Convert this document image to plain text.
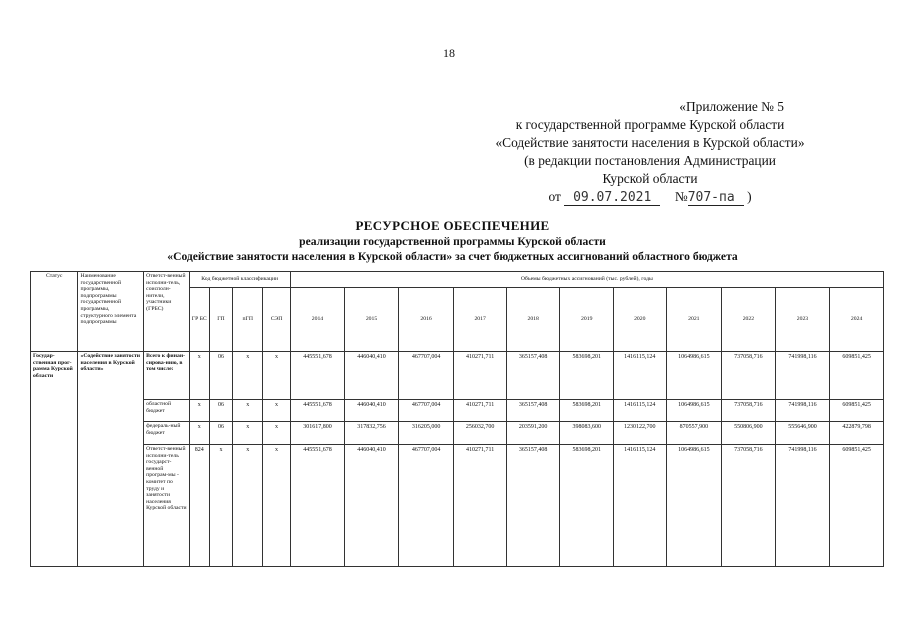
18
«Приложение № 5
к государственной программе Курской области
«Содействие занятости населения в Курской области»
(в редакции постановления Администрации
Курской области
от 09.07.2021 №707-па )
РЕСУРСНОЕ ОБЕСПЕЧЕНИЕ
реализации государственной программы Курской области
«Содействие занятости населения в Курской области» за счет бюджетных ассигнований областного бюджета
Статус	Наименование государственной программы, подпрограммы государственной программы, структурного элемента подпрограммы	Ответст-венный исполни-тель, соисполн-нители, участники (ГРБС)	Код бюджетной классификации				Объемы бюджетных ассигнований (тыс. рублей), годы										
			ГР БС	ГП	пГП	СЭП	2014	2015	2016	2017	2018	2019	2020	2021	2022	2023	2024
Государ-ственная прог-рамма Курской области	«Содействие занятости населения в Курской области»	Всего к финан-сирова-нию, в том числе:	х	06	х	х	445551,678	446040,410	467707,004	410271,711	365157,408	583698,201	1416115,124	1064986,615	737058,716	741998,116	609851,425
		областной бюджет	х	06	х	х	445551,678	446040,410	467707,004	410271,711	365157,408	583698,201	1416115,124	1064986,615	737058,716	741998,116	609851,425
		федераль-ный бюджет	х	06	х	х	301617,800	317832,756	316205,000	256032,700	203591,200	398083,600	1230122,700	870557,900	550806,900	555646,900	422879,798
		Ответст-венный исполни-тель государст-венной програм-мы - комитет по труду и занятости населения Курской области	824	х	х	х	445551,678	446040,410	467707,004	410271,711	365157,408	583698,201	1416115,124	1064986,615	737058,716	741998,116	609851,425
